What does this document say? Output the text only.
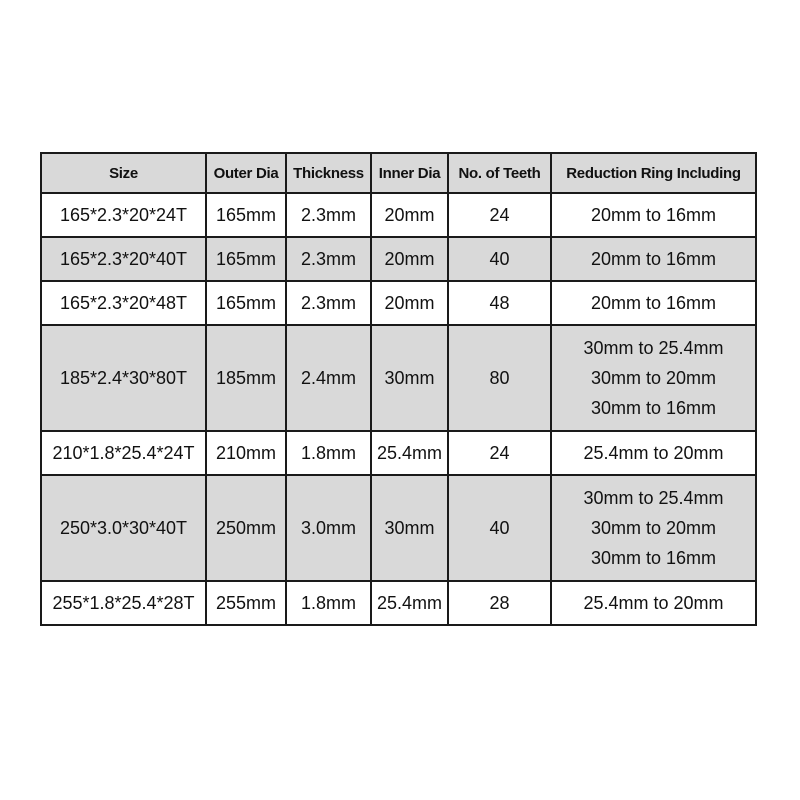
Size	Outer Dia	Thickness	Inner Dia	No. of Teeth	Reduction Ring Including
165*2.3*20*24T	165mm	2.3mm	20mm	24	20mm to 16mm

165*2.3*20*40T	165mm	2.3mm	20mm	40	20mm to 16mm

165*2.3*20*48T	165mm	2.3mm	20mm	48	20mm to 16mm

185*2.4*30*80T	185mm	2.4mm	30mm	80	30mm to 25.4mm
30mm to 20mm
30mm to 16mm

210*1.8*25.4*24T	210mm	1.8mm	25.4mm	24	25.4mm to 20mm

250*3.0*30*40T	250mm	3.0mm	30mm	40	30mm to 25.4mm
30mm to 20mm
30mm to 16mm

255*1.8*25.4*28T	255mm	1.8mm	25.4mm	28	25.4mm to 20mm
